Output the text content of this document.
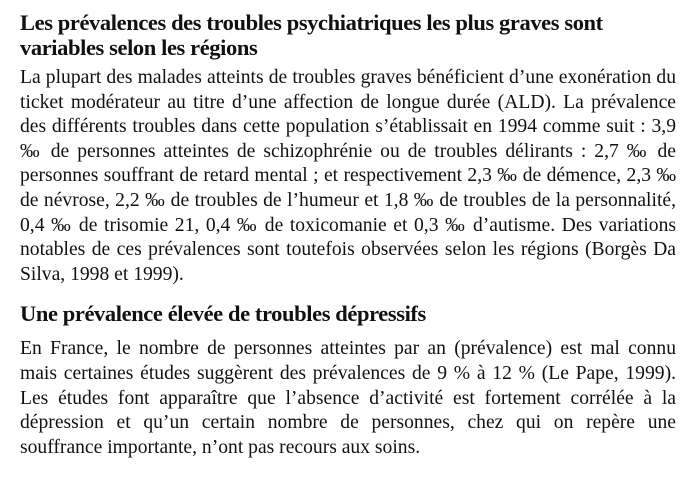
Les prévalences des troubles psychiatriques les plus graves sont variables selon les régions

La plupart des malades atteints de troubles graves bénéficient d’une exonération du ticket modérateur au titre d’une affection de longue durée (ALD). La prévalence des différents troubles dans cette population s’établissait en 1994 comme suit : 3,9 ‰ de personnes atteintes de schizophrénie ou de troubles délirants : 2,7 ‰ de personnes souffrant de retard mental ; et respectivement 2,3 ‰ de démence, 2,3 ‰ de névrose, 2,2 ‰ de troubles de l’humeur et 1,8 ‰ de troubles de la personnalité, 0,4 ‰ de trisomie 21, 0,4 ‰ de toxicomanie et 0,3 ‰ d’autisme. Des variations notables de ces prévalences sont toutefois observées selon les régions (Borgès Da Silva, 1998 et 1999).

Une prévalence élevée de troubles dépressifs

En France, le nombre de personnes atteintes par an (prévalence) est mal connu mais certaines études suggèrent des prévalences de 9 % à 12 % (Le Pape, 1999). Les études font apparaître que l’absence d’activité est fortement corrélée à la dépression et qu’un certain nombre de personnes, chez qui on repère une souffrance importante, n’ont pas recours aux soins.
